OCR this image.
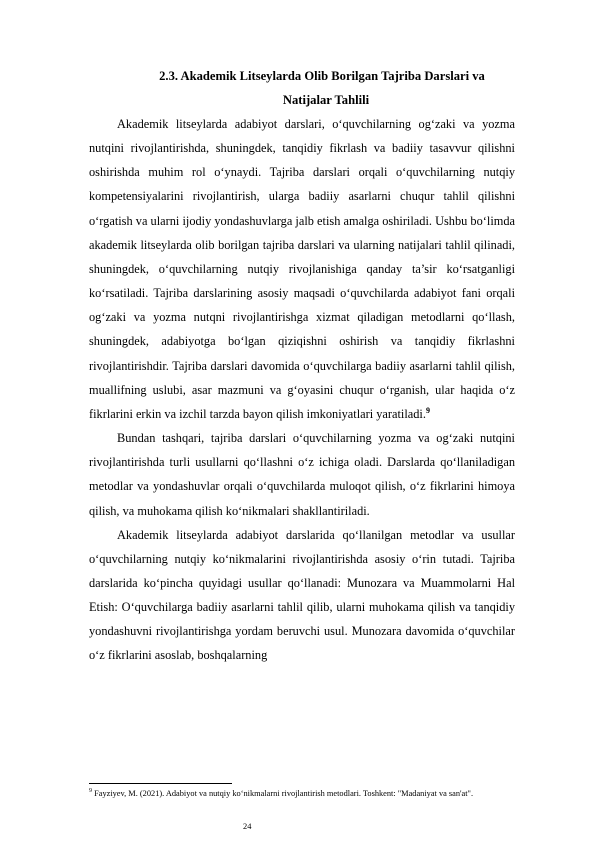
2.3. Akademik Litseylarda Olib Borilgan Tajriba Darslari va
Natijalar Tahlili

Akademik litseylarda adabiyot darslari, o‘quvchilarning og‘zaki va yozma nutqini rivojlantirishda, shuningdek, tanqidiy fikrlash va badiiy tasavvur qilishni oshirishda muhim rol o‘ynaydi. Tajriba darslari orqali o‘quvchilarning nutqiy kompetensiyalarini rivojlantirish, ularga badiiy asarlarni chuqur tahlil qilishni o‘rgatish va ularni ijodiy yondashuvlarga jalb etish amalga oshiriladi. Ushbu bo‘limda akademik litseylarda olib borilgan tajriba darslari va ularning natijalari tahlil qilinadi, shuningdek, o‘quvchilarning nutqiy rivojlanishiga qanday ta’sir ko‘rsatganligi ko‘rsatiladi. Tajriba darslarining asosiy maqsadi o‘quvchilarda adabiyot fani orqali og‘zaki va yozma nutqni rivojlantirishga xizmat qiladigan metodlarni qo‘llash, shuningdek, adabiyotga bo‘lgan qiziqishni oshirish va tanqidiy fikrlashni rivojlantirishdir. Tajriba darslari davomida o‘quvchilarga badiiy asarlarni tahlil qilish, muallifning uslubi, asar mazmuni va g‘oyasini chuqur o‘rganish, ular haqida o‘z fikrlarini erkin va izchil tarzda bayon qilish imkoniyatlari yaratiladi.$^9$

Bundan tashqari, tajriba darslari o‘quvchilarning yozma va og‘zaki nutqini rivojlantirishda turli usullarni qo‘llashni o‘z ichiga oladi. Darslarda qo‘llaniladigan metodlar va yondashuvlar orqali o‘quvchilarda muloqot qilish, o‘z fikrlarini himoya qilish, va muhokama qilish ko‘nikmalari shakllantiriladi.

Akademik litseylarda adabiyot darslarida qo‘llanilgan metodlar va usullar o‘quvchilarning nutqiy ko‘nikmalarini rivojlantirishda asosiy o‘rin tutadi. Tajriba darslarida ko‘pincha quyidagi usullar qo‘llanadi: Munozara va Muammolarni Hal Etish: O‘quvchilarga badiiy asarlarni tahlil qilib, ularni muhokama qilish va tanqidiy yondashuvni rivojlantirishga yordam beruvchi usul. Munozara davomida o‘quvchilar o‘z fikrlarini asoslab, boshqalarning

$^9$ Fayziyev, M. (2021). Adabiyot va nutqiy ko‘nikmalarni rivojlantirish metodlari. Toshkent: "Madaniyat va san'at".

24
